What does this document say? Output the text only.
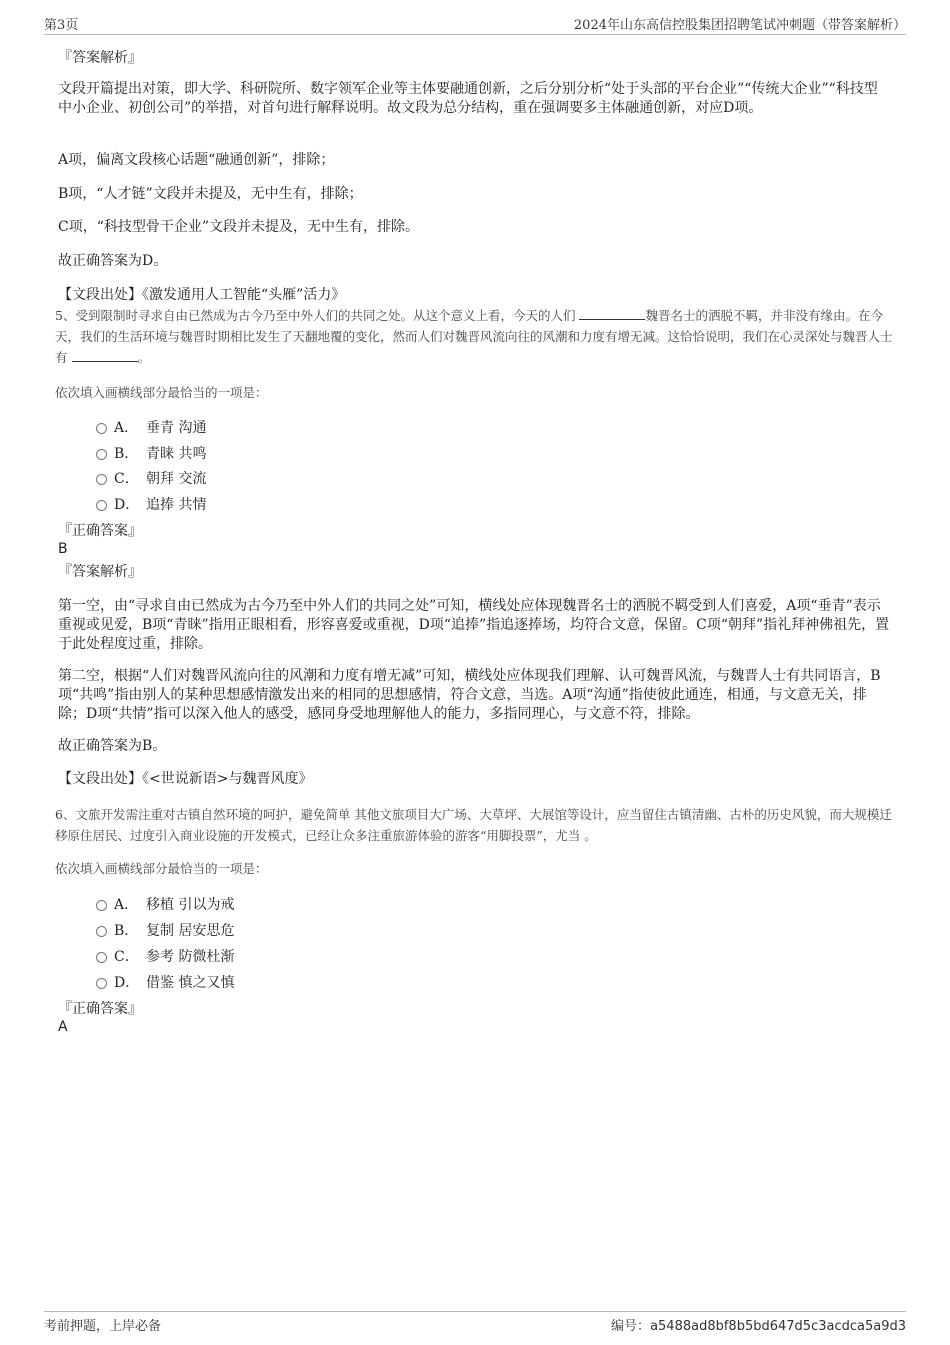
第3页	2024年山东高信控股集团招聘笔试冲刺题（带答案解析）
『答案解析』

文段开篇提出对策，即大学、科研院所、数字领军企业等主体要融通创新，之后分别分析“处于头部的平台企业”“传统大企业”“科技型中小企业、初创公司”的举措，对首句进行解释说明。故文段为总分结构，重在强调要多主体融通创新，对应D项。

A项，偏离文段核心话题“融通创新”，排除；
B项，“人才链”文段并未提及，无中生有，排除；
C项，“科技型骨干企业”文段并未提及，无中生有，排除。
故正确答案为D。
【文段出处】《激发通用人工智能“头雁”活力》

5、受到限制时寻求自由已然成为古今乃至中外人们的共同之处。从这个意义上看，今天的人们	魏晋名士的洒脱不羁，并非没有缘由。在今天，我们的生活环境与魏晋时期相比发生了天翻地覆的变化，然而人们对魏晋风流向往的风潮和力度有增无减。这恰恰说明，我们在心灵深处与魏晋人士有	。

依次填入画横线部分最恰当的一项是：
A． 垂青 沟通
B． 青睐 共鸣
C． 朝拜 交流
D． 追捧 共情
『正确答案』
B
『答案解析』

第一空，由“寻求自由已然成为古今乃至中外人们的共同之处”可知，横线处应体现魏晋名士的洒脱不羁受到人们喜爱，A项“垂青”表示重视或见爱，B项“青睐”指用正眼相看，形容喜爱或重视，D项“追捧”指追逐捧场，均符合文意，保留。C项“朝拜”指礼拜神佛祖先，置于此处程度过重，排除。

第二空，根据“人们对魏晋风流向往的风潮和力度有增无减”可知，横线处应体现我们理解、认可魏晋风流，与魏晋人士有共同语言，B项“共鸣”指由别人的某种思想感情激发出来的相同的思想感情，符合文意，当选。A项“沟通”指使彼此通连，相通，与文意无关，排除；D项“共情”指可以深入他人的感受，感同身受地理解他人的能力，多指同理心，与文意不符，排除。

故正确答案为B。
【文段出处】《<世说新语>与魏晋风度》

6、文旅开发需注重对古镇自然环境的呵护，避免简单 其他文旅项目大广场、大草坪、大展馆等设计，应当留住古镇清幽、古朴的历史风貌，而大规模迁移原住居民、过度引入商业设施的开发模式，已经让众多注重旅游体验的游客“用脚投票”，尤当 。

依次填入画横线部分最恰当的一项是：
A． 移植 引以为戒
B． 复制 居安思危
C． 参考 防微杜渐
D． 借鉴 慎之又慎
『正确答案』
A
考前押题，上岸必备	编号：a5488ad8bf8b5bd647d5c3acdca5a9d3
